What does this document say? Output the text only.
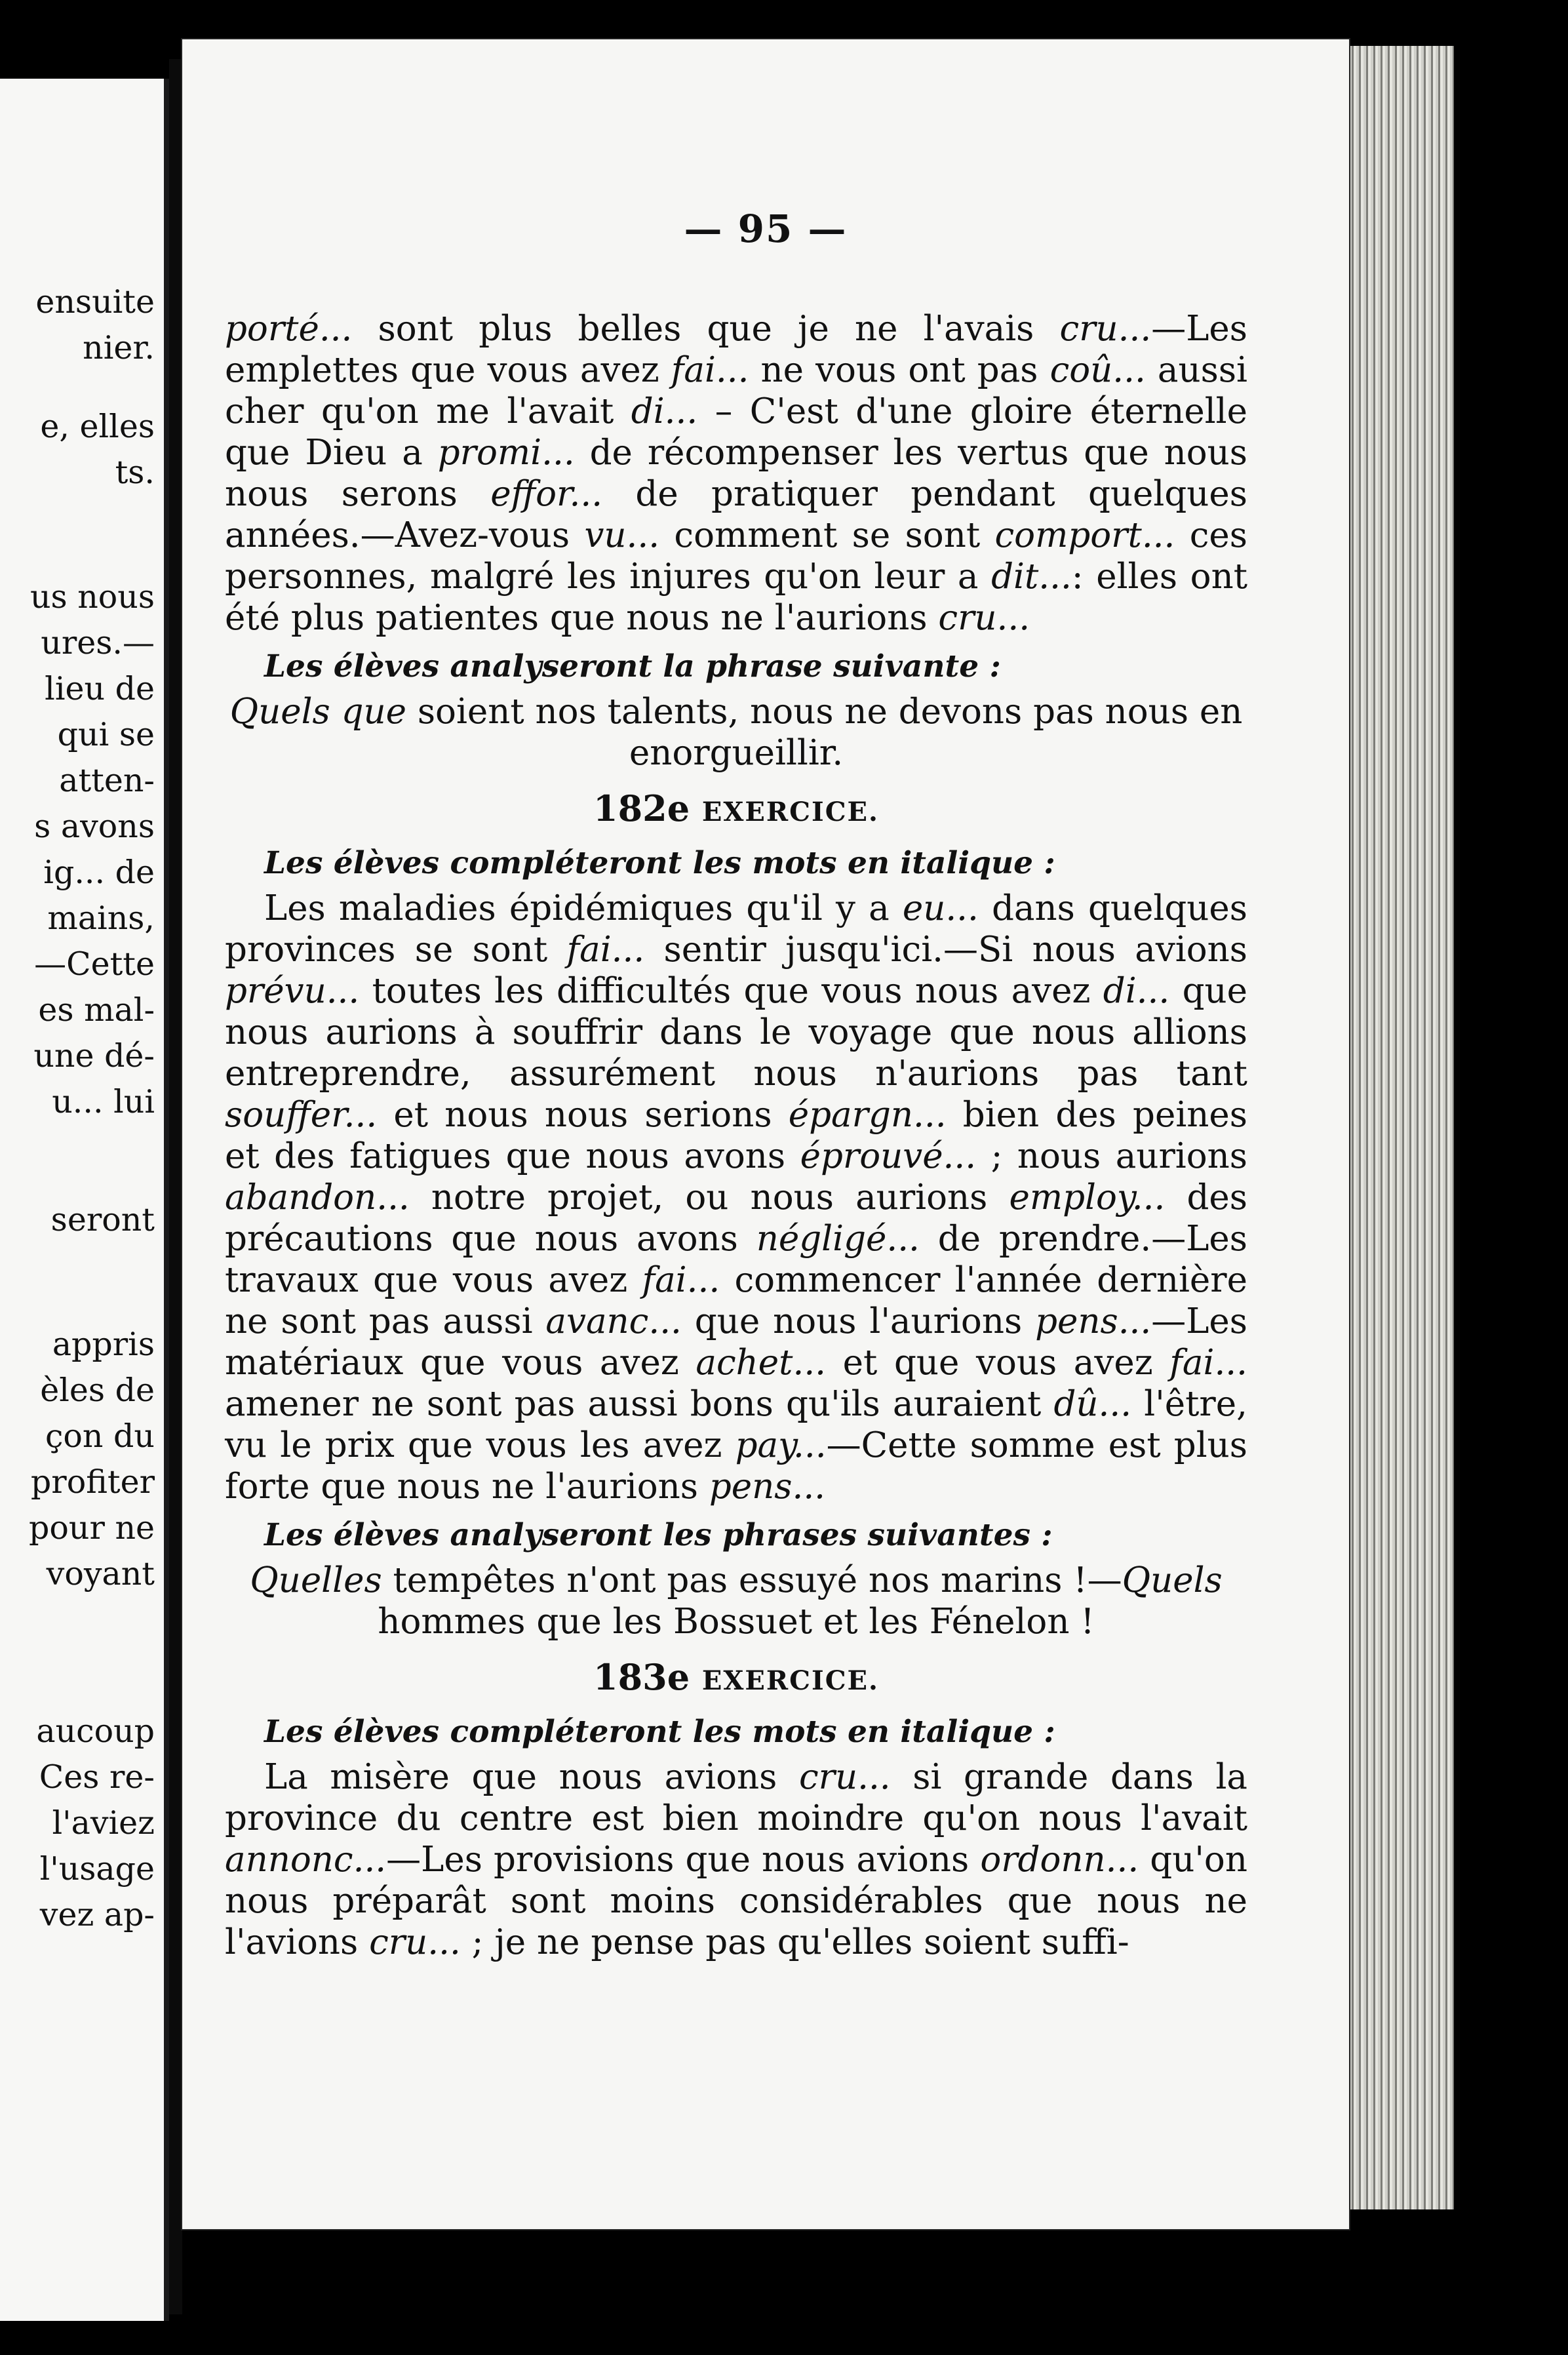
ensuite
nier.
e, elles
ts.
us nous
ures.—
lieu de
qui se
atten-
s avons
ig... de
mains,
—Cette
es mal-
une dé-
u... lui
seront
appris
èles de
çon du
profiter
pour ne
voyant
aucoup
Ces re-
l'aviez
l'usage
vez ap-
— 95 —

porté... sont plus belles que je ne l'avais cru...—Les emplettes que vous avez fai... ne vous ont pas coû... aussi cher qu'on me l'avait di... – C'est d'une gloire éternelle que Dieu a promi... de récompenser les vertus que nous nous serons effor... de pratiquer pendant quelques années.—Avez-vous vu... comment se sont comport... ces personnes, malgré les injures qu'on leur a dit...: elles ont été plus patientes que nous ne l'aurions cru...

Les élèves analyseront la phrase suivante :

Quels que soient nos talents, nous ne devons pas nous en enorgueillir.

182e EXERCICE.
Les élèves compléteront les mots en italique :

Les maladies épidémiques qu'il y a eu... dans quelques provinces se sont fai... sentir jusqu'ici.—Si nous avions prévu... toutes les difficultés que vous nous avez di... que nous aurions à souffrir dans le voyage que nous allions entreprendre, assurément nous n'aurions pas tant souffer... et nous nous serions épargn... bien des peines et des fatigues que nous avons éprouvé... ; nous aurions abandon... notre projet, ou nous aurions employ... des précautions que nous avons négligé... de prendre.—Les travaux que vous avez fai... commencer l'année dernière ne sont pas aussi avanc... que nous l'aurions pens...—Les matériaux que vous avez achet... et que vous avez fai... amener ne sont pas aussi bons qu'ils auraient dû... l'être, vu le prix que vous les avez pay...—Cette somme est plus forte que nous ne l'aurions pens...

Les élèves analyseront les phrases suivantes :

Quelles tempêtes n'ont pas essuyé nos marins !—Quels hommes que les Bossuet et les Fénelon !

183e EXERCICE.
Les élèves compléteront les mots en italique :

La misère que nous avions cru... si grande dans la province du centre est bien moindre qu'on nous l'avait annonc...—Les provisions que nous avions ordonn... qu'on nous préparât sont moins considérables que nous ne l'avions cru... ; je ne pense pas qu'elles soient suffi-
